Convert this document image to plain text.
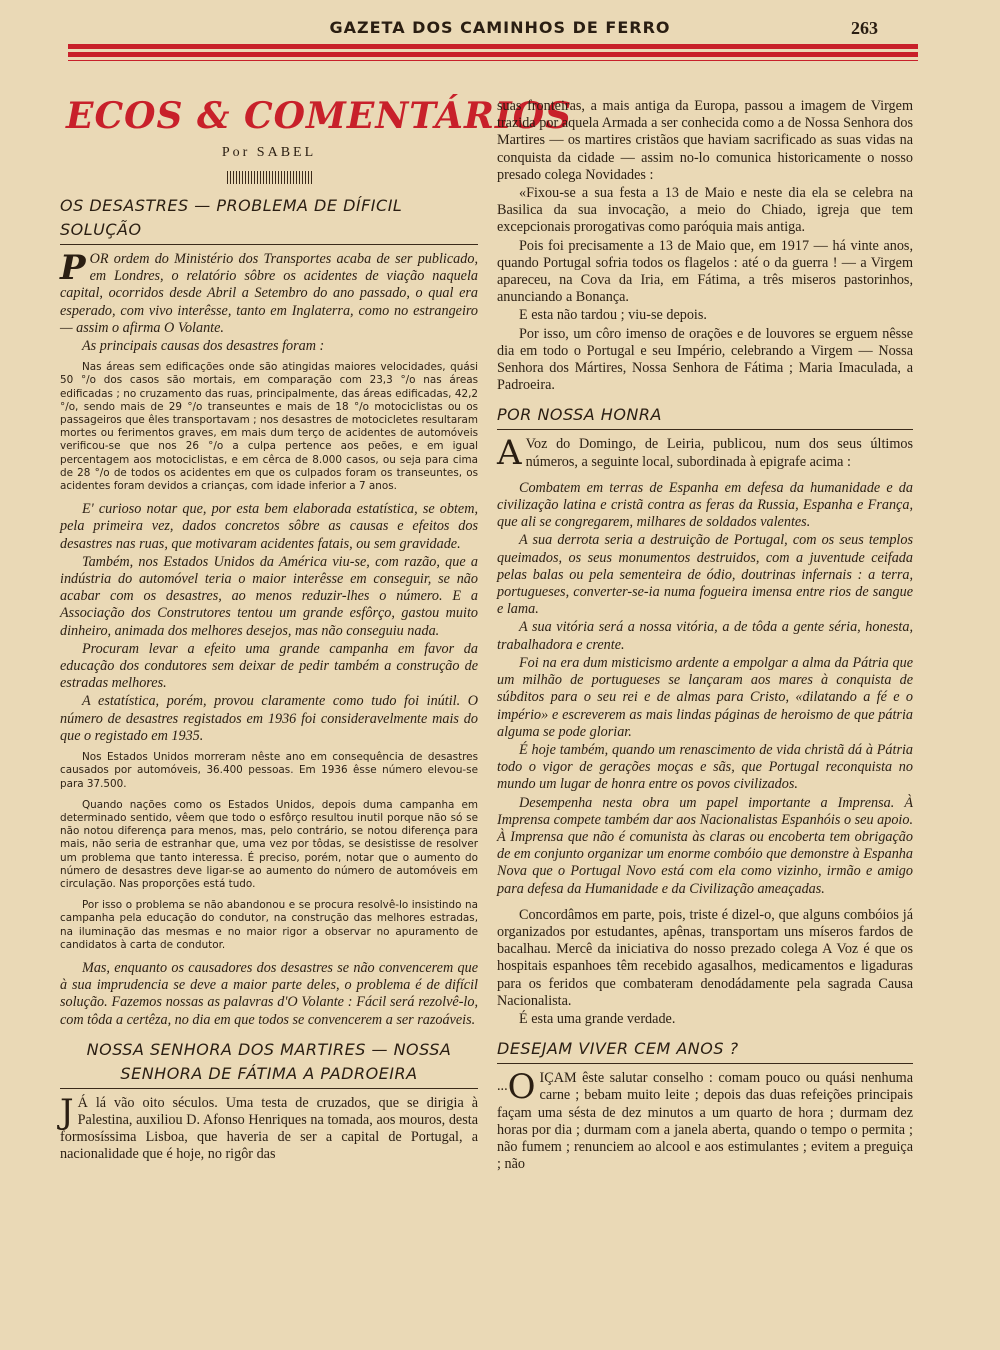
GAZETA DOS CAMINHOS DE FERRO	263
ECOS & COMENTÁRIOS
Por SABEL
OS DESASTRES — PROBLEMA DE DÍFICIL SOLUÇÃO

POR ordem do Ministério dos Transportes acaba de ser publicado, em Londres, o relatório sôbre os acidentes de viação naquela capital, ocorridos desde Abril a Setembro do ano passado, o qual era esperado, com vivo interêsse, tanto em Inglaterra, como no estrangeiro — assim o afirma O Volante.

As principais causas dos desastres foram :

Nas áreas sem edificações onde são atingidas maiores velocidades, quási 50 °/o dos casos são mortais, em comparação com 23,3 °/o nas áreas edificadas ; no cruzamento das ruas, principalmente, das áreas edificadas, 42,2 °/o, sendo mais de 29 °/o transeuntes e mais de 18 °/o motociclistas ou os passageiros que êles transportavam ; nos desastres de motocicletes resultaram mortes ou ferimentos graves, em mais dum terço de acidentes de automóveis verificou-se que nos 26 °/o a culpa pertence aos peões, e em igual percentagem aos motociclistas, e em cêrca de 8.000 casos, ou seja para cima de 28 °/o de todos os acidentes em que os culpados foram os transeuntes, os acidentes foram devidos a crianças, com idade inferior a 7 anos.

E' curioso notar que, por esta bem elaborada estatística, se obtem, pela primeira vez, dados concretos sôbre as causas e efeitos dos desastres nas ruas, que motivaram acidentes fatais, ou sem gravidade.

Também, nos Estados Unidos da América viu-se, com razão, que a indústria do automóvel teria o maior interêsse em conseguir, se não acabar com os desastres, ao menos reduzir-lhes o número. E a Associação dos Construtores tentou um grande esfôrço, gastou muito dinheiro, animada dos melhores desejos, mas não conseguiu nada.

Procuram levar a efeito uma grande campanha em favor da educação dos condutores sem deixar de pedir também a construção de estradas melhores.

A estatística, porém, provou claramente como tudo foi inútil. O número de desastres registados em 1936 foi consideravelmente mais do que o registado em 1935.

Nos Estados Unidos morreram nêste ano em consequência de desastres causados por automóveis, 36.400 pessoas. Em 1936 êsse número elevou-se para 37.500.

Quando nações como os Estados Unidos, depois duma campanha em determinado sentido, vêem que todo o esfôrço resultou inutil porque não só se não notou diferença para menos, mas, pelo contrário, se notou diferença para mais, não seria de estranhar que, uma vez por tôdas, se desistisse de resolver um problema que tanto interessa. É preciso, porém, notar que o aumento do número de desastres deve ligar-se ao aumento do número de automóveis em circulação. Nas proporções está tudo.

Por isso o problema se não abandonou e se procura resolvê-lo insistindo na campanha pela educação do condutor, na construção das melhores estradas, na iluminação das mesmas e no maior rigor a observar no apuramento de candidatos à carta de condutor.

Mas, enquanto os causadores dos desastres se não convencerem que à sua imprudencia se deve a maior parte deles, o problema é de difícil solução. Fazemos nossas as palavras d'O Volante : Fácil será rezolvê-lo, com tôda a certêza, no dia em que todos se convencerem a ser razoáveis.

NOSSA SENHORA DOS MARTIRES — NOSSA SENHORA DE FÁTIMA A PADROEIRA

J Á lá vão oito séculos. Uma testa de cruzados, que se dirigia à Palestina, auxiliou D. Afonso Henriques na tomada, aos mouros, desta formosíssima Lisboa, que haveria de ser a capital de Portugal, a nacionalidade que é hoje, no rigôr das

suas fronteiras, a mais antiga da Europa, passou a imagem de Virgem trazida por aquela Armada a ser conhecida como a de Nossa Senhora dos Martires — os martires cristãos que haviam sacrificado as suas vidas na conquista da cidade — assim no-lo comunica historicamente o nosso presado colega Novidades :

«Fixou-se a sua festa a 13 de Maio e neste dia ela se celebra na Basilica da sua invocação, a meio do Chiado, igreja que tem excepcionais prorogativas como paróquia mais antiga.

Pois foi precisamente a 13 de Maio que, em 1917 — há vinte anos, quando Portugal sofria todos os flagelos : até o da guerra ! — a Virgem apareceu, na Cova da Iria, em Fátima, a três miseros pastorinhos, anunciando a Bonança.

E esta não tardou ; viu-se depois.

Por isso, um côro imenso de orações e de louvores se erguem nêsse dia em todo o Portugal e seu Império, celebrando a Virgem — Nossa Senhora dos Mártires, Nossa Senhora de Fátima ; Maria Imaculada, a Padroeira.

POR NOSSA HONRA

A Voz do Domingo, de Leiria, publicou, num dos seus últimos números, a seguinte local, subordinada à epigrafe acima :

Combatem em terras de Espanha em defesa da humanidade e da civilização latina e cristã contra as feras da Russia, Espanha e França, que ali se congregarem, milhares de soldados valentes.

A sua derrota seria a destruição de Portugal, com os seus templos queimados, os seus monumentos destruidos, com a juventude ceifada pelas balas ou pela sementeira de ódio, doutrinas infernais : a terra, portugueses, converter-se-ia numa fogueira imensa entre rios de sangue e lama.

A sua vitória será a nossa vitória, a de tôda a gente séria, honesta, trabalhadora e crente.

Foi na era dum misticismo ardente a empolgar a alma da Pátria que um milhão de portugueses se lançaram aos mares à conquista de súbditos para o seu rei e de almas para Cristo, «dilatando a fé e o império» e escreverem as mais lindas páginas de heroismo de que pátria alguma se pode gloriar.

É hoje também, quando um renascimento de vida christã dá à Pátria todo o vigor de gerações moças e sãs, que Portugal reconquista no mundo um lugar de honra entre os povos civilizados.

Desempenha nesta obra um papel importante a Imprensa. À Imprensa compete também dar aos Nacionalistas Espanhóis o seu apoio. À Imprensa que não é comunista às claras ou encoberta tem obrigação de em conjunto organizar um enorme combóio que demonstre à Espanha Nova que o Portugal Novo está com ela como vizinho, irmão e amigo para defesa da Humanidade e da Civilização ameaçadas.

Concordâmos em parte, pois, triste é dizel-o, que alguns combóios já organizados por estudantes, apênas, transportam uns míseros fardos de bacalhau. Mercê da iniciativa do nosso prezado colega A Voz é que os hospitais espanhoes têm recebido agasalhos, medicamentos e ligaduras para os feridos que combateram denodádamente pela sagrada Causa Nacionalista.

É esta uma grande verdade.

DESEJAM VIVER CEM ANOS ?

... O IÇAM êste salutar conselho : comam pouco ou quási nenhuma carne ; bebam muito leite ; depois das duas refeições principais façam uma sésta de dez minutos a um quarto de hora ; durmam dez horas por dia ; durmam com a janela aberta, quando o tempo o permita ; não fumem ; renunciem ao alcool e aos estimulantes ; evitem a preguiça ; não
